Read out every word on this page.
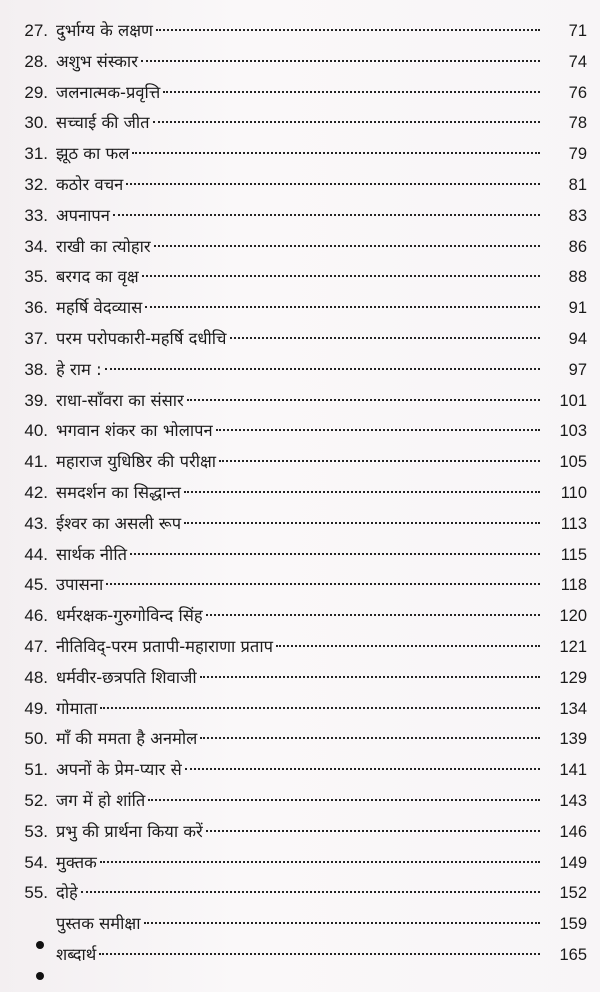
27. दुर्भाग्य के लक्षण	71
28. अशुभ संस्कार	74
29. जलनात्मक-प्रवृत्ति	76
30. सच्चाई की जीत	78
31. झूठ का फल	79
32. कठोर वचन	81
33. अपनापन	83
34. राखी का त्योहार	86
35. बरगद का वृक्ष	88
36. महर्षि वेदव्यास	91
37. परम परोपकारी-महर्षि दधीचि	94
38. हे राम :	97
39. राधा-साँवरा का संसार	101
40. भगवान शंकर का भोलापन	103
41. महाराज युधिष्ठिर की परीक्षा	105
42. समदर्शन का सिद्धान्त	110
43. ईश्वर का असली रूप	113
44. सार्थक नीति	115
45. उपासना	118
46. धर्मरक्षक-गुरुगोविन्द सिंह	120
47. नीतिविद्-परम प्रतापी-महाराणा प्रताप	121
48. धर्मवीर-छत्रपति शिवाजी	129
49. गोमाता	134
50. माँ की ममता है अनमोल	139
51. अपनों के प्रेम-प्यार से	141
52. जग में हो शांति	143
53. प्रभु की प्रार्थना किया करें	146
54. मुक्तक	149
55. दोहे	152
पुस्तक समीक्षा	159
शब्दार्थ	165
